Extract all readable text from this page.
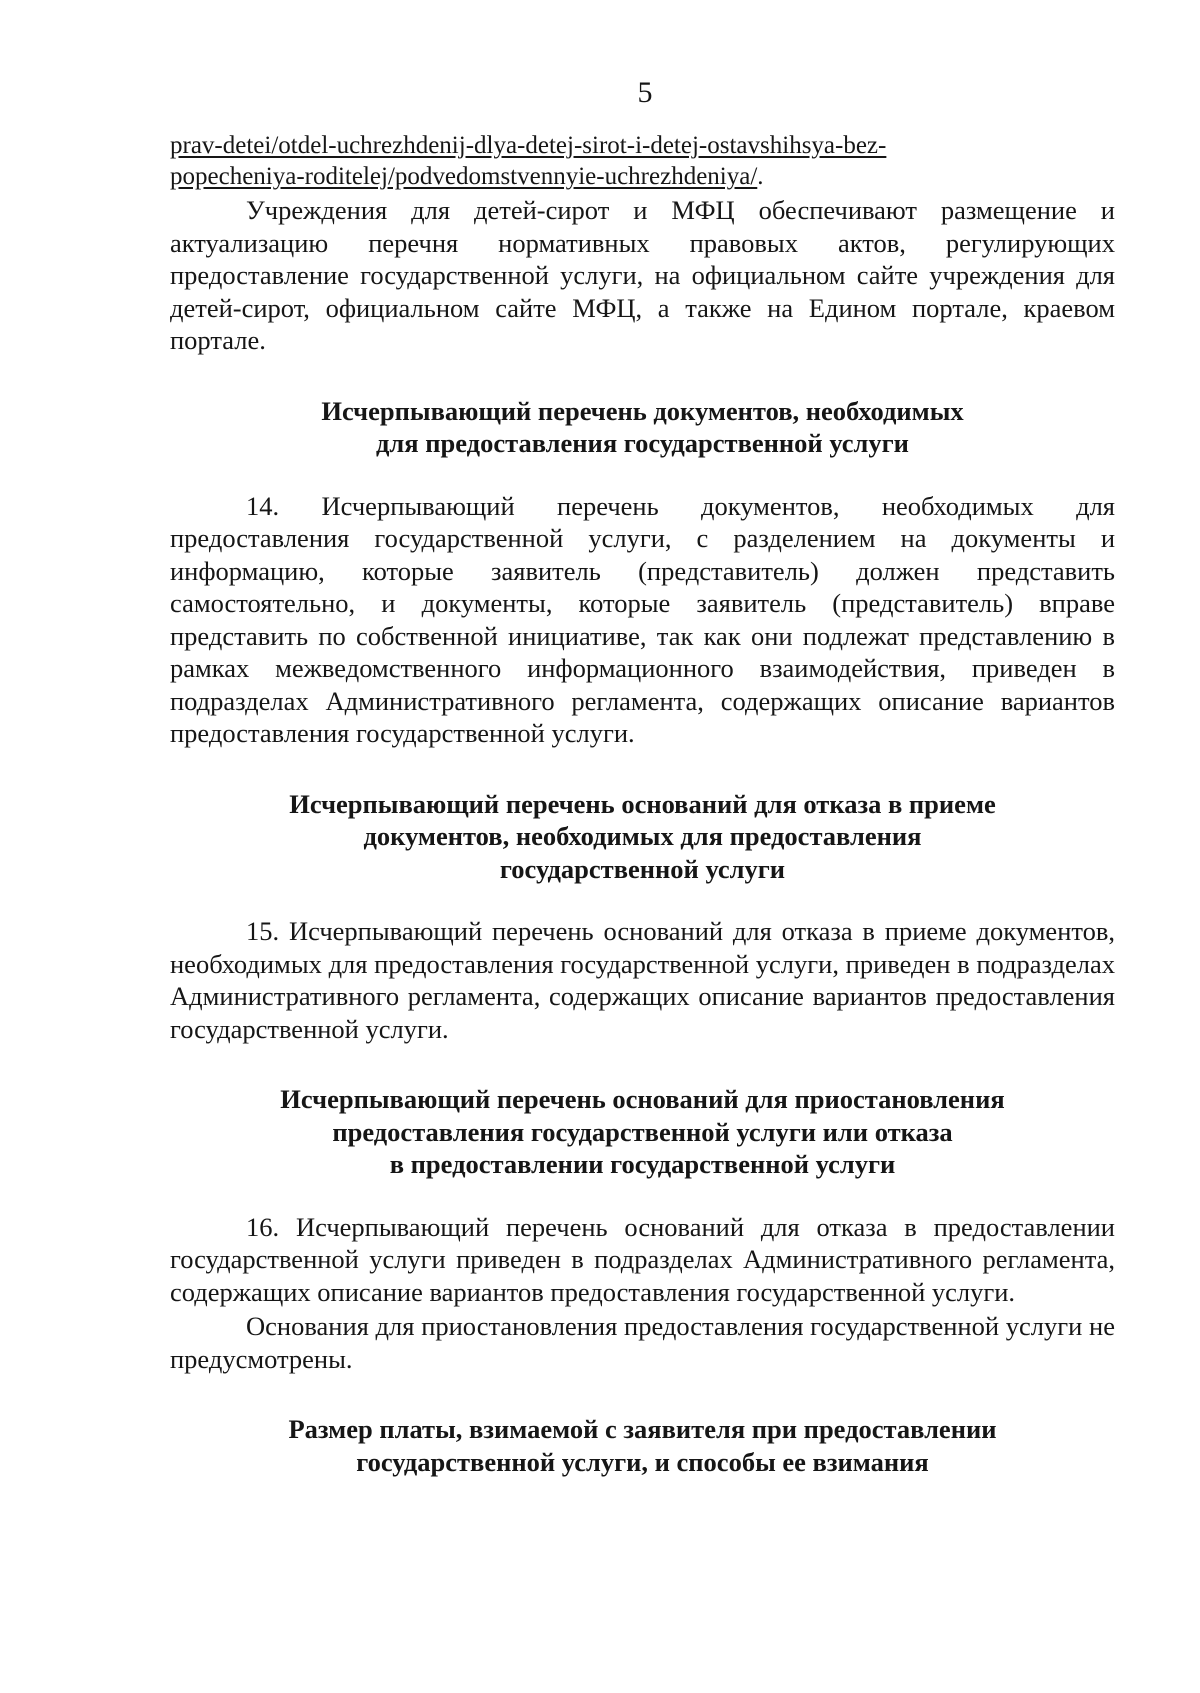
5
prav-detei/otdel-uchrezhdenij-dlya-detej-sirot-i-detej-ostavshihsya-bez-
popecheniya-roditelej/podvedomstvennyie-uchrezhdeniya/.

Учреждения для детей-сирот и МФЦ обеспечивают размещение и актуализацию перечня нормативных правовых актов, регулирующих предоставление государственной услуги, на официальном сайте учреждения для детей-сирот, официальном сайте МФЦ, а также на Едином портале, краевом портале.

Исчерпывающий перечень документов, необходимых
для предоставления государственной услуги

14. Исчерпывающий перечень документов, необходимых для предоставления государственной услуги, с разделением на документы и информацию, которые заявитель (представитель) должен представить самостоятельно, и документы, которые заявитель (представитель) вправе представить по собственной инициативе, так как они подлежат представлению в рамках межведомственного информационного взаимодействия, приведен в подразделах Административного регламента, содержащих описание вариантов предоставления государственной услуги.

Исчерпывающий перечень оснований для отказа в приеме
документов, необходимых для предоставления
государственной услуги

15. Исчерпывающий перечень оснований для отказа в приеме документов, необходимых для предоставления государственной услуги, приведен в подразделах Административного регламента, содержащих описание вариантов предоставления государственной услуги.

Исчерпывающий перечень оснований для приостановления
предоставления государственной услуги или отказа
в предоставлении государственной услуги

16. Исчерпывающий перечень оснований для отказа в предоставлении государственной услуги приведен в подразделах Административного регламента, содержащих описание вариантов предоставления государственной услуги.

Основания для приостановления предоставления государственной услуги не предусмотрены.

Размер платы, взимаемой с заявителя при предоставлении
государственной услуги, и способы ее взимания
